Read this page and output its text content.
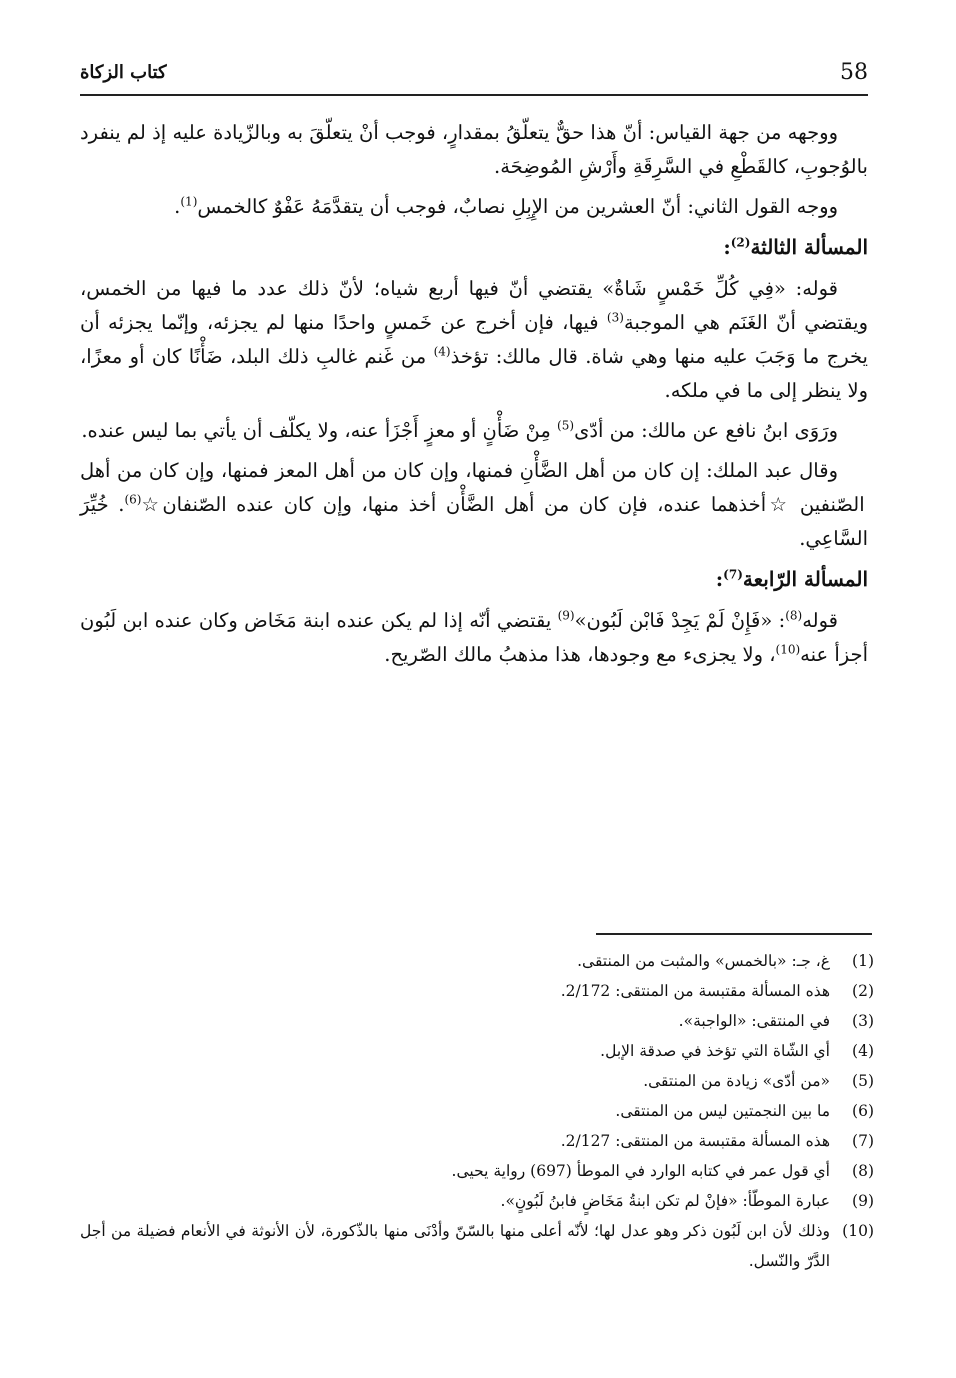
58
كتاب الزكاة

ووجهه من جهة القياس: أنّ هذا حقٌّ يتعلّقُ بمقدارٍ، فوجب أنْ يتعلّقَ به وبالزّيادة عليه إذ لم ينفرد بالوُجوبِ، كالقَطْعِ في السَّرِقَةِ وأَرْشِ المُوضِحَة.

ووجه القول الثاني: أنّ العشرين من الإِبِلِ نصابٌ، فوجب أن يتقدَّمَهُ عَفْوٌ كالخمس$^{(1)}$.

المسألة الثالثة$^{(2)}$:

قوله: «فِي كُلِّ خَمْسٍ شَاةٌ» يقتضي أنّ فيها أربع شياه؛ لأنّ ذلك عدد ما فيها من الخمس، ويقتضي أنّ الغَنَم هي الموجبة$^{(3)}$ فيها، فإن أخرج عن خَمسٍ واحدًا منها لم يجزئه، وإنّما يجزئه أن يخرج ما وَجَبَ عليه منها وهي شاة. قال مالك: تؤخذ$^{(4)}$ من غَنم غالبِ ذلك البلد، ضَأْنًا كان أو معزًا، ولا ينظر إلى ما في ملكه.

ورَوَى ابنُ نافع عن مالك: من أدّى$^{(5)}$ مِنْ ضَأْنٍ أو معزٍ أَجْزَأ عنه، ولا يكلّف أن يأتي بما ليس عنده.

وقال عبد الملك: إن كان من أهل الضَّأْنِ فمنها، وإن كان من أهل المعز فمنها، وإن كان من أهل الصّنفين ☆أخذهما عنده، فإن كان من أهل الضَّأْن أخذ منها، وإن كان عنده الصّنفان☆$^{(6)}$. خُيِّرَ السَّاعِي.

المسألة الرّابعة$^{(7)}$:

قوله$^{(8)}$: «فَإِنْ لَمْ يَجِدْ فَابْن لَبُون»$^{(9)}$ يقتضي أنّه إذا لم يكن عنده ابنة مَخَاض وكان عنده ابن لَبُون أجزأ عنه$^{(10)}$، ولا يجزىء مع وجودها، هذا مذهبُ مالك الصّريح.

(1)
غ، جـ: «بالخمس» والمثبت من المنتقى.
(2)
هذه المسألة مقتبسة من المنتقى: 2/172.
(3)
في المنتقى: «الواجبة».
(4)
أي الشّاة التي تؤخذ في صدقة الإبل.
(5)
«من أدّى» زيادة من المنتقى.
(6)
ما بين النجمتين ليس من المنتقى.
(7)
هذه المسألة مقتبسة من المنتقى: 2/127.
(8)
أي قول عمر في كتابه الوارد في الموطأ (697) رواية يحيى.
(9)
عبارة الموطّأ: «فإنْ لم تكن ابنةُ مَخَاضٍ فابنُ لَبُونٍ».
(10)
وذلك لأن ابن لَبُون ذكر وهو عدل لها؛ لأنّه أعلى منها بالسّنّ وأدْنَى منها بالذّكورة، لأن الأنوثة في الأنعام فضيلة من أجل الدَّرّ والنّسل.
